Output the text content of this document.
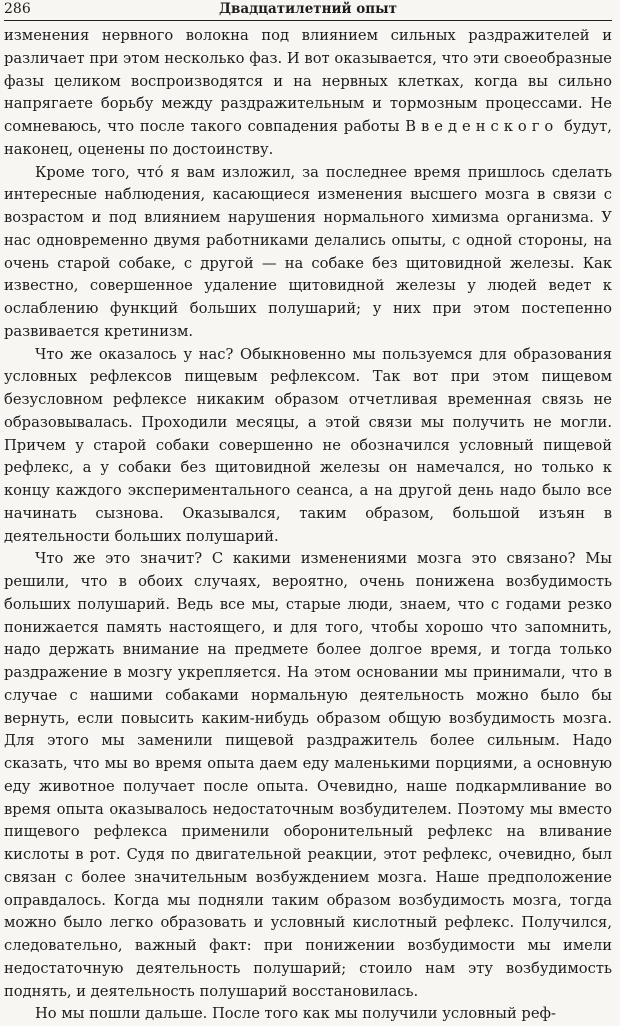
286	Двадцатилетний опыт

изменения нервного волокна под влиянием сильных раздражителей и различает при этом несколько фаз. И вот оказывается, что эти своеобразные фазы целиком воспроизводятся и на нервных клетках, когда вы сильно напрягаете борьбу между раздражительным и тормозным процессами. Не сомневаюсь, что после такого совпадения работы Введенского будут, наконец, оценены по достоинству.

Кроме того, что́ я вам изложил, за последнее время пришлось сделать интересные наблюдения, касающиеся изменения высшего мозга в связи с возрастом и под влиянием нарушения нормального химизма организма. У нас одновременно двумя работниками делались опыты, с одной стороны, на очень старой собаке, с другой — на собаке без щитовидной железы. Как известно, совершенное удаление щитовидной железы у людей ведет к ослаблению функций больших полушарий; у них при этом постепенно развивается кретинизм.

Что же оказалось у нас? Обыкновенно мы пользуемся для образования условных рефлексов пищевым рефлексом. Так вот при этом пищевом безусловном рефлексе никаким образом отчетливая временная связь не образовывалась. Проходили месяцы, а этой связи мы получить не могли. Причем у старой собаки совершенно не обозначился условный пищевой рефлекс, а у собаки без щитовидной железы он намечался, но только к концу каждого экспериментального сеанса, а на другой день надо было все начинать сызнова. Оказывался, таким образом, большой изъян в деятельности больших полушарий.

Что же это значит? С какими изменениями мозга это связано? Мы решили, что в обоих случаях, вероятно, очень понижена возбудимость больших полушарий. Ведь все мы, старые люди, знаем, что с годами резко понижается память настоящего, и для того, чтобы хорошо что запомнить, надо держать внимание на предмете более долгое время, и тогда только раздражение в мозгу укрепляется. На этом основании мы принимали, что в случае с нашими собаками нормальную деятельность можно было бы вернуть, если повысить каким-нибудь образом общую возбудимость мозга. Для этого мы заменили пищевой раздражитель более сильным. Надо сказать, что мы во время опыта даем еду маленькими порциями, а основную еду животное получает после опыта. Очевидно, наше подкармливание во время опыта оказывалось недостаточным возбудителем. Поэтому мы вместо пищевого рефлекса применили оборонительный рефлекс на вливание кислоты в рот. Судя по двигательной реакции, этот рефлекс, очевидно, был связан с более значительным возбуждением мозга. Наше предположение оправдалось. Когда мы подняли таким образом возбудимость мозга, тогда можно было легко образовать и условный кислотный рефлекс. Получился, следовательно, важный факт: при понижении возбудимости мы имели недостаточную деятельность полушарий; стоило нам эту возбудимость поднять, и деятельность полушарий восстановилась.

Но мы пошли дальше. После того как мы получили условный реф-
